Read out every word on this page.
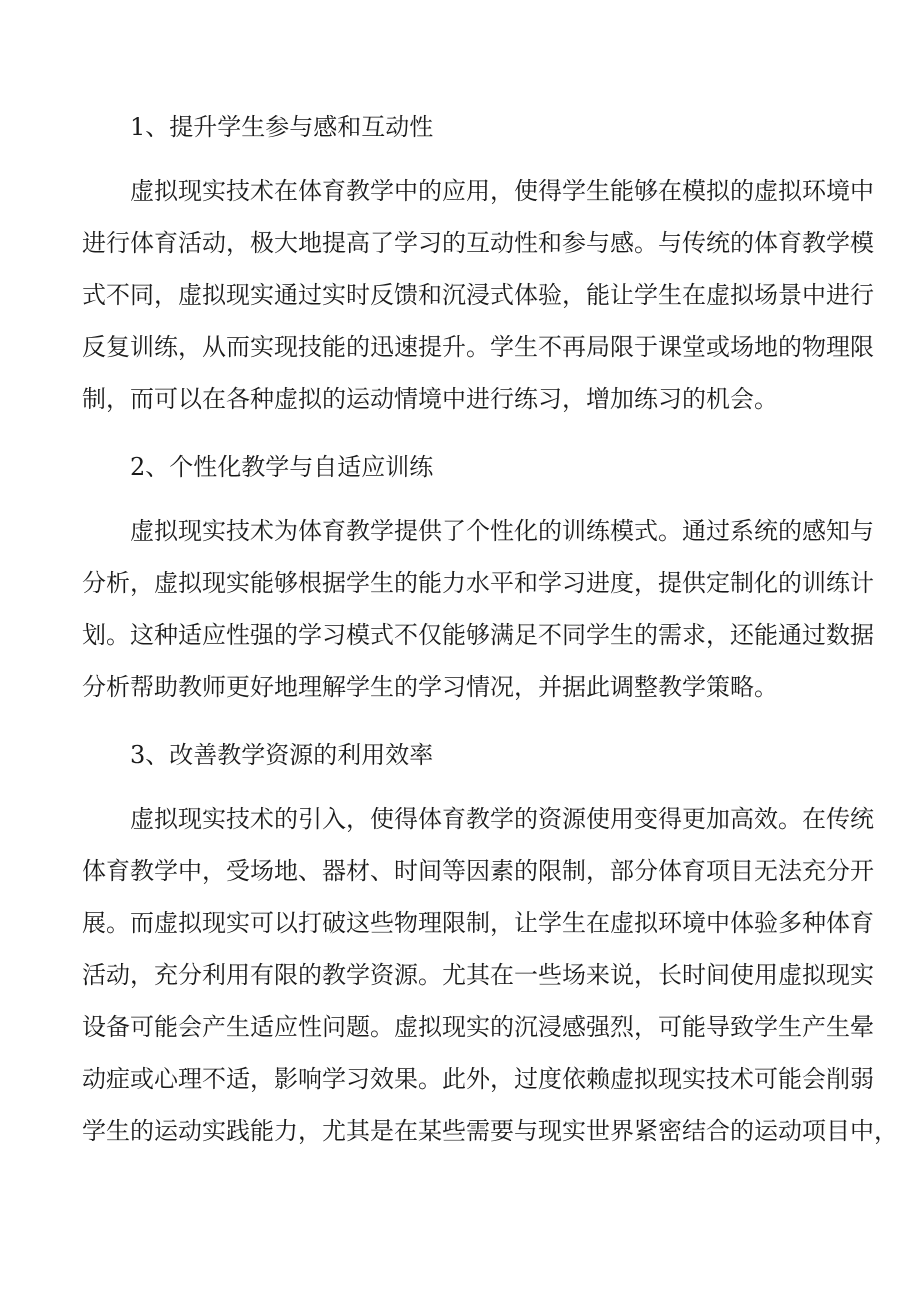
1、提升学生参与感和互动性
虚拟现实技术在体育教学中的应用，使得学生能够在模拟的虚拟环境中
进行体育活动，极大地提高了学习的互动性和参与感。与传统的体育教学模
式不同，虚拟现实通过实时反馈和沉浸式体验，能让学生在虚拟场景中进行
反复训练，从而实现技能的迅速提升。学生不再局限于课堂或场地的物理限
制，而可以在各种虚拟的运动情境中进行练习，增加练习的机会。
2、个性化教学与自适应训练
虚拟现实技术为体育教学提供了个性化的训练模式。通过系统的感知与
分析，虚拟现实能够根据学生的能力水平和学习进度，提供定制化的训练计
划。这种适应性强的学习模式不仅能够满足不同学生的需求，还能通过数据
分析帮助教师更好地理解学生的学习情况，并据此调整教学策略。
3、改善教学资源的利用效率
虚拟现实技术的引入，使得体育教学的资源使用变得更加高效。在传统
体育教学中，受场地、器材、时间等因素的限制，部分体育项目无法充分开
展。而虚拟现实可以打破这些物理限制，让学生在虚拟环境中体验多种体育
活动，充分利用有限的教学资源。尤其在一些场来说，长时间使用虚拟现实
设备可能会产生适应性问题。虚拟现实的沉浸感强烈，可能导致学生产生晕
动症或心理不适，影响学习效果。此外，过度依赖虚拟现实技术可能会削弱
学生的运动实践能力，尤其是在某些需要与现实世界紧密结合的运动项目中，
